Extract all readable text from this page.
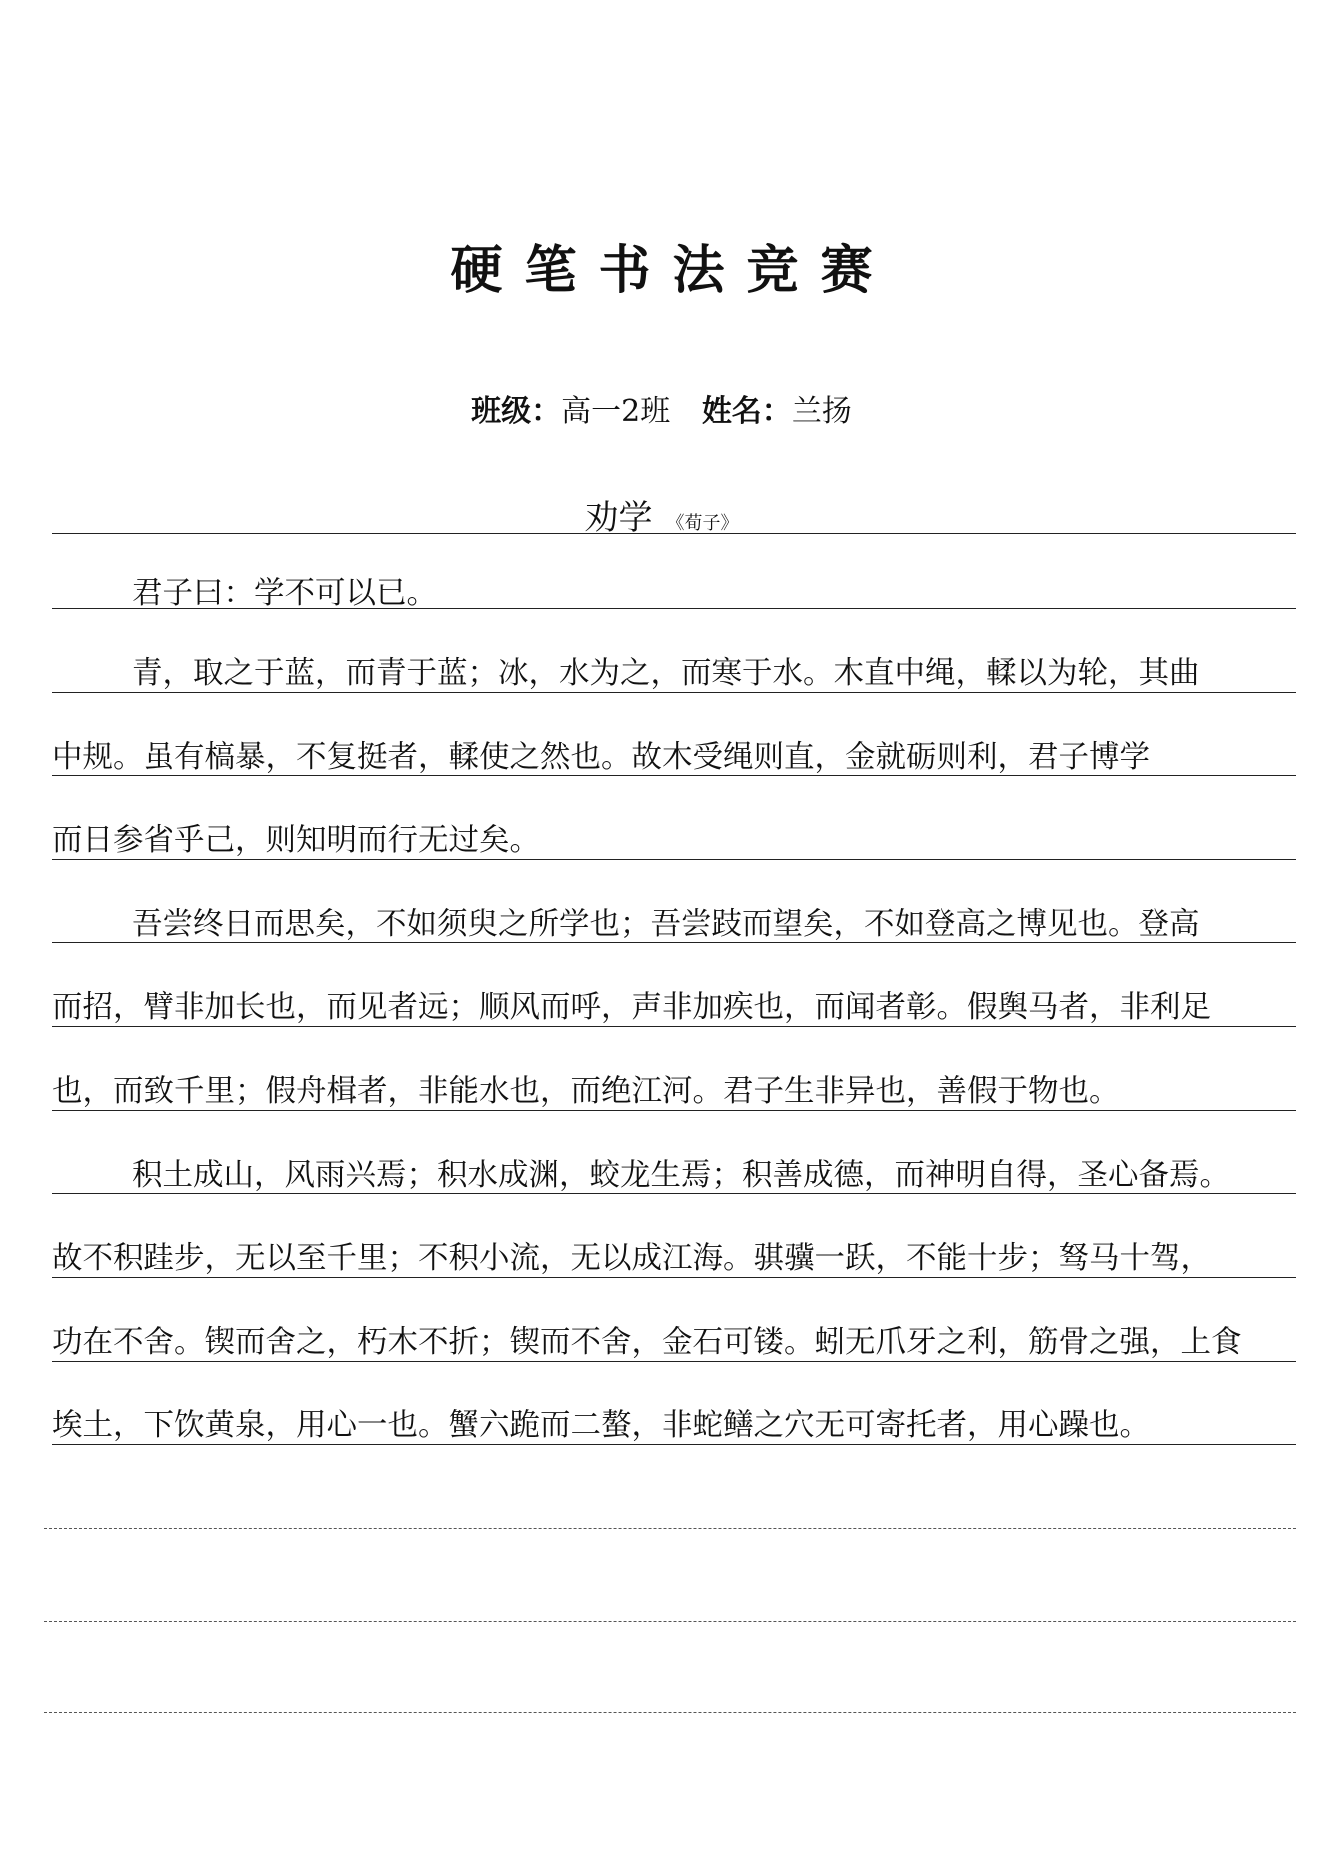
硬笔书法竞赛
班级：高一2班 姓名：兰扬
劝学 《荀子》
君子曰：学不可以已。
青，取之于蓝，而青于蓝；冰，水为之，而寒于水。木直中绳，輮以为轮，其曲
中规。虽有槁暴，不复挺者，輮使之然也。故木受绳则直，金就砺则利，君子博学
而日参省乎己，则知明而行无过矣。
吾尝终日而思矣，不如须臾之所学也；吾尝跂而望矣，不如登高之博见也。登高
而招，臂非加长也，而见者远；顺风而呼，声非加疾也，而闻者彰。假舆马者，非利足
也，而致千里；假舟楫者，非能水也，而绝江河。君子生非异也，善假于物也。
积土成山，风雨兴焉；积水成渊，蛟龙生焉；积善成德，而神明自得，圣心备焉。
故不积跬步，无以至千里；不积小流，无以成江海。骐骥一跃，不能十步；驽马十驾，
功在不舍。锲而舍之，朽木不折；锲而不舍，金石可镂。蚓无爪牙之利，筋骨之强，上食
埃土，下饮黄泉，用心一也。蟹六跪而二螯，非蛇鳝之穴无可寄托者，用心躁也。
